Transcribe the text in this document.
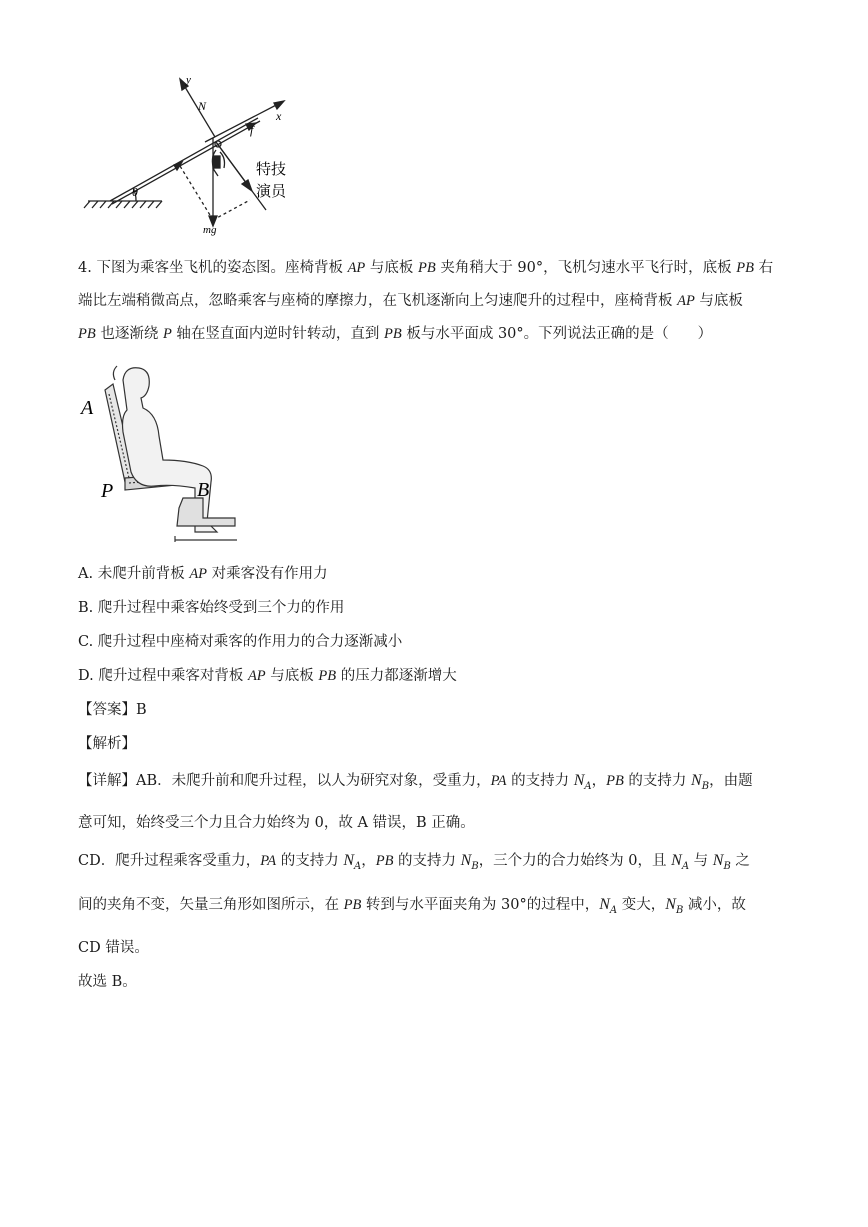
y
N
x
f
θ
mg
特技
演员
4. 下图为乘客坐飞机的姿态图。座椅背板 AP 与底板 PB 夹角稍大于 90°，飞机匀速水平飞行时，底板 PB 右
端比左端稍微高点，忽略乘客与座椅的摩擦力，在飞机逐渐向上匀速爬升的过程中，座椅背板 AP 与底板
PB 也逐渐绕 P 轴在竖直面内逆时针转动，直到 PB 板与水平面成 30°。下列说法正确的是（　　）
A
P	B
A. 未爬升前背板 AP 对乘客没有作用力
B. 爬升过程中乘客始终受到三个力的作用
C. 爬升过程中座椅对乘客的作用力的合力逐渐减小
D. 爬升过程中乘客对背板 AP 与底板 PB 的压力都逐渐增大
【答案】B
【解析】
【详解】AB．未爬升前和爬升过程，以人为研究对象，受重力，PA 的支持力 $N_A$，PB 的支持力 $N_B$，由题
意可知，始终受三个力且合力始终为 0，故 A 错误，B 正确。
CD．爬升过程乘客受重力，PA 的支持力 $N_A$，PB 的支持力 $N_B$，三个力的合力始终为 0，且 $N_A$ 与 $N_B$ 之
间的夹角不变，矢量三角形如图所示，在 PB 转到与水平面夹角为 30°的过程中，$N_A$ 变大，$N_B$ 减小，故
CD 错误。
故选 B。
